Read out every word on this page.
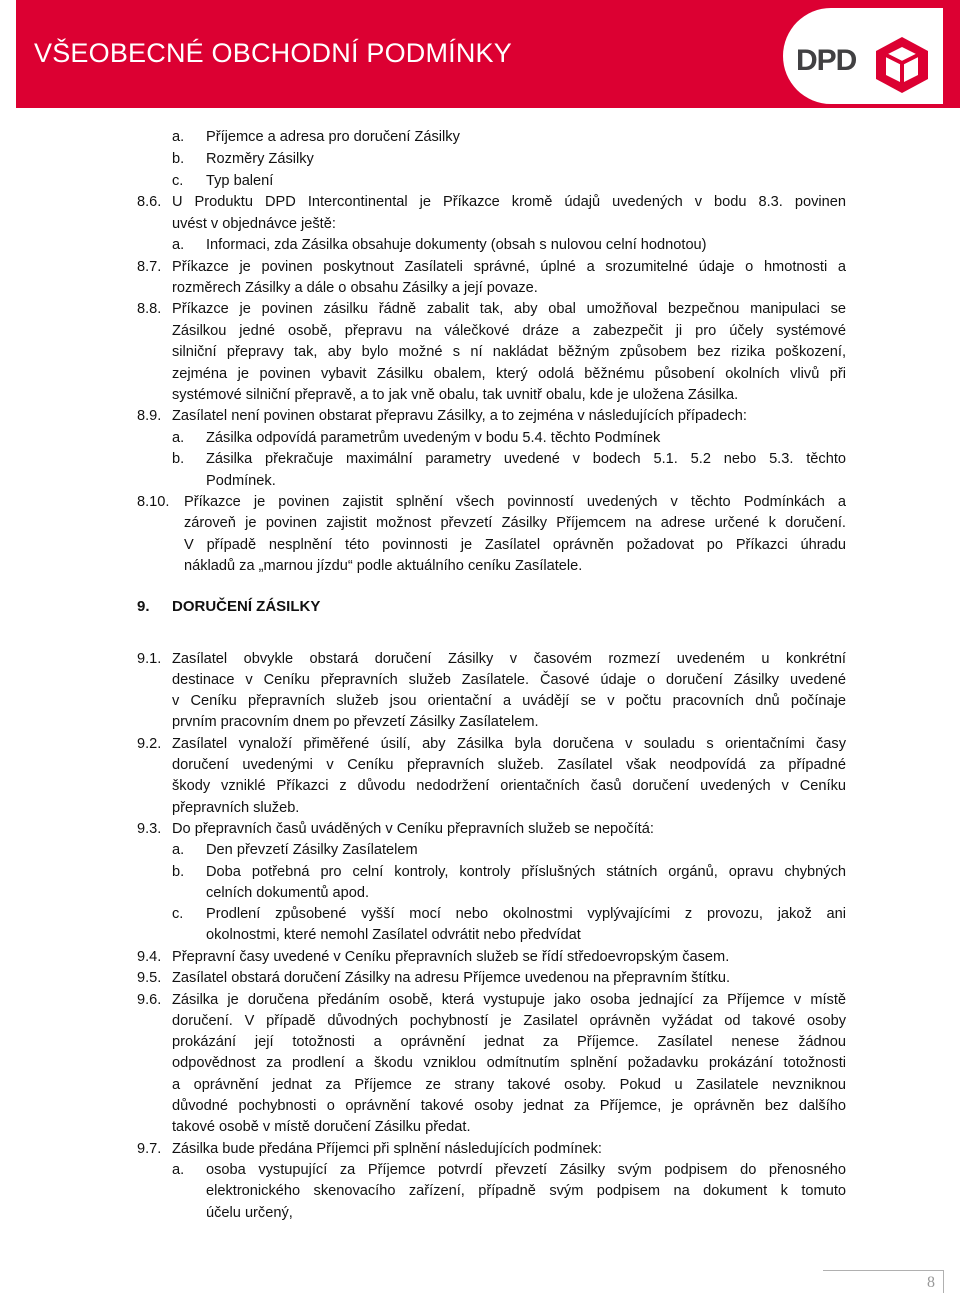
VŠEOBECNÉ OBCHODNÍ PODMÍNKY	DPD
a. Příjemce a adresa pro doručení Zásilky
b. Rozměry Zásilky
c. Typ balení
8.6. U Produktu DPD Intercontinental je Příkazce kromě údajů uvedených v bodu 8.3. povinen
uvést v objednávce ještě:
a. Informaci, zda Zásilka obsahuje dokumenty (obsah s nulovou celní hodnotou)
8.7. Příkazce je povinen poskytnout Zasílateli správné, úplné a srozumitelné údaje o hmotnosti a
rozměrech Zásilky a dále o obsahu Zásilky a její povaze.
8.8. Příkazce je povinen zásilku řádně zabalit tak, aby obal umožňoval bezpečnou manipulaci se
Zásilkou jedné osobě, přepravu na válečkové dráze a zabezpečit ji pro účely systémové
silniční přepravy tak, aby bylo možné s ní nakládat běžným způsobem bez rizika poškození,
zejména je povinen vybavit Zásilku obalem, který odolá běžnému působení okolních vlivů při
systémové silniční přepravě, a to jak vně obalu, tak uvnitř obalu, kde je uložena Zásilka.
8.9. Zasílatel není povinen obstarat přepravu Zásilky, a to zejména v následujících případech:
a. Zásilka odpovídá parametrům uvedeným v bodu 5.4. těchto Podmínek
b. Zásilka překračuje maximální parametry uvedené v bodech 5.1. 5.2 nebo 5.3. těchto
Podmínek.
8.10. Příkazce je povinen zajistit splnění všech povinností uvedených v těchto Podmínkách a
zároveň je povinen zajistit možnost převzetí Zásilky Příjemcem na adrese určené k doručení.
V případě nesplnění této povinnosti je Zasílatel oprávněn požadovat po Příkazci úhradu
nákladů za „marnou jízdu“ podle aktuálního ceníku Zasílatele.
9.1. Zasílatel obvykle obstará doručení Zásilky v časovém rozmezí uvedeném u konkrétní
destinace v Ceníku přepravních služeb Zasílatele. Časové údaje o doručení Zásilky uvedené
v Ceníku přepravních služeb jsou orientační a uvádějí se v počtu pracovních dnů počínaje
prvním pracovním dnem po převzetí Zásilky Zasílatelem.
9.2. Zasílatel vynaloží přiměřené úsilí, aby Zásilka byla doručena v souladu s orientačními časy
doručení uvedenými v Ceníku přepravních služeb. Zasílatel však neodpovídá za případné
škody vzniklé Příkazci z důvodu nedodržení orientačních časů doručení uvedených v Ceníku
přepravních služeb.
9.3. Do přepravních časů uváděných v Ceníku přepravních služeb se nepočítá:
a. Den převzetí Zásilky Zasílatelem
b. Doba potřebná pro celní kontroly, kontroly příslušných státních orgánů, opravu chybných
celních dokumentů apod.
c. Prodlení způsobené vyšší mocí nebo okolnostmi vyplývajícími z provozu, jakož ani
okolnostmi, které nemohl Zasílatel odvrátit nebo předvídat
9.4. Přepravní časy uvedené v Ceníku přepravních služeb se řídí středoevropským časem.
9.5. Zasílatel obstará doručení Zásilky na adresu Příjemce uvedenou na přepravním štítku.
9.6. Zásilka je doručena předáním osobě, která vystupuje jako osoba jednající za Příjemce v místě
doručení. V případě důvodných pochybností je Zasilatel oprávněn vyžádat od takové osoby
prokázání její totožnosti a oprávnění jednat za Příjemce. Zasílatel nenese žádnou
odpovědnost za prodlení a škodu vzniklou odmítnutím splnění požadavku prokázání totožnosti
a oprávnění jednat za Příjemce ze strany takové osoby. Pokud u Zasilatele nevzniknou
důvodné pochybnosti o oprávnění takové osoby jednat za Příjemce, je oprávněn bez dalšího
takové osobě v místě doručení Zásilku předat.
9.7. Zásilka bude předána Příjemci při splnění následujících podmínek:
a. osoba vystupující za Příjemce potvrdí převzetí Zásilky svým podpisem do přenosného
elektronického skenovacího zařízení, případně svým podpisem na dokument k tomuto
účelu určený,
9. DORUČENÍ ZÁSILKY
8
